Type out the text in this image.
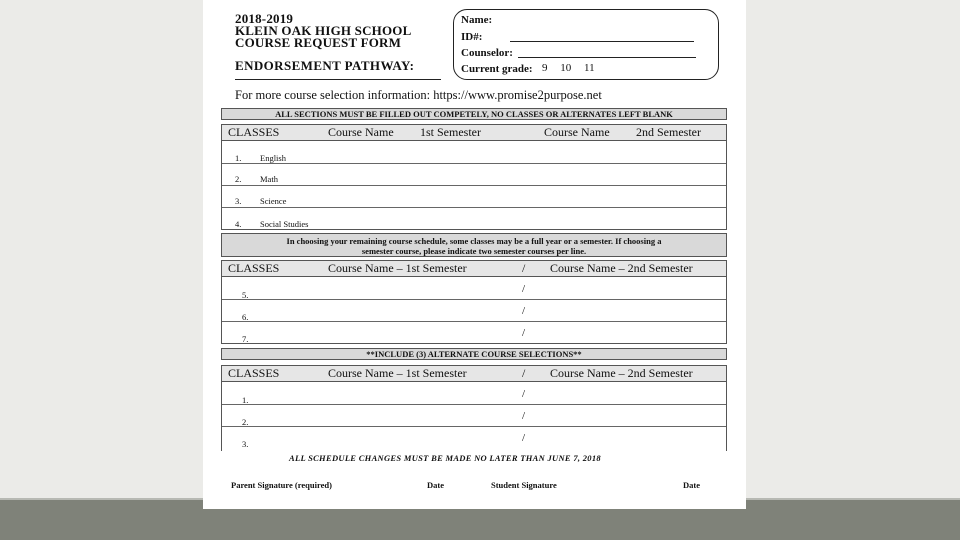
2018-2019
KLEIN OAK HIGH SCHOOL
COURSE REQUEST FORM
ENDORSEMENT PATHWAY:
Name:
ID#:
Counselor:
Current grade: 9 10 11
For more course selection information: https://www.promise2purpose.net
ALL SECTIONS MUST BE FILLED OUT COMPETELY, NO CLASSES OR ALTERNATES LEFT BLANK
CLASSES	Course Name 1st Semester	Course Name 2nd Semester
1. English
2. Math
3. Science
4. Social Studies
In choosing your remaining course schedule, some classes may be a full year or a semester. If choosing a
semester course, please indicate two semester courses per line.
CLASSES	Course Name – 1st Semester	/ Course Name – 2nd Semester
5.	/
6.	/
7.	/
**INCLUDE (3) ALTERNATE COURSE SELECTIONS**
CLASSES	Course Name – 1st Semester	/ Course Name – 2nd Semester
1.	/
2.	/
3.	/
ALL SCHEDULE CHANGES MUST BE MADE NO LATER THAN JUNE 7, 2018
Parent Signature (required)	Date	Student Signature	Date
